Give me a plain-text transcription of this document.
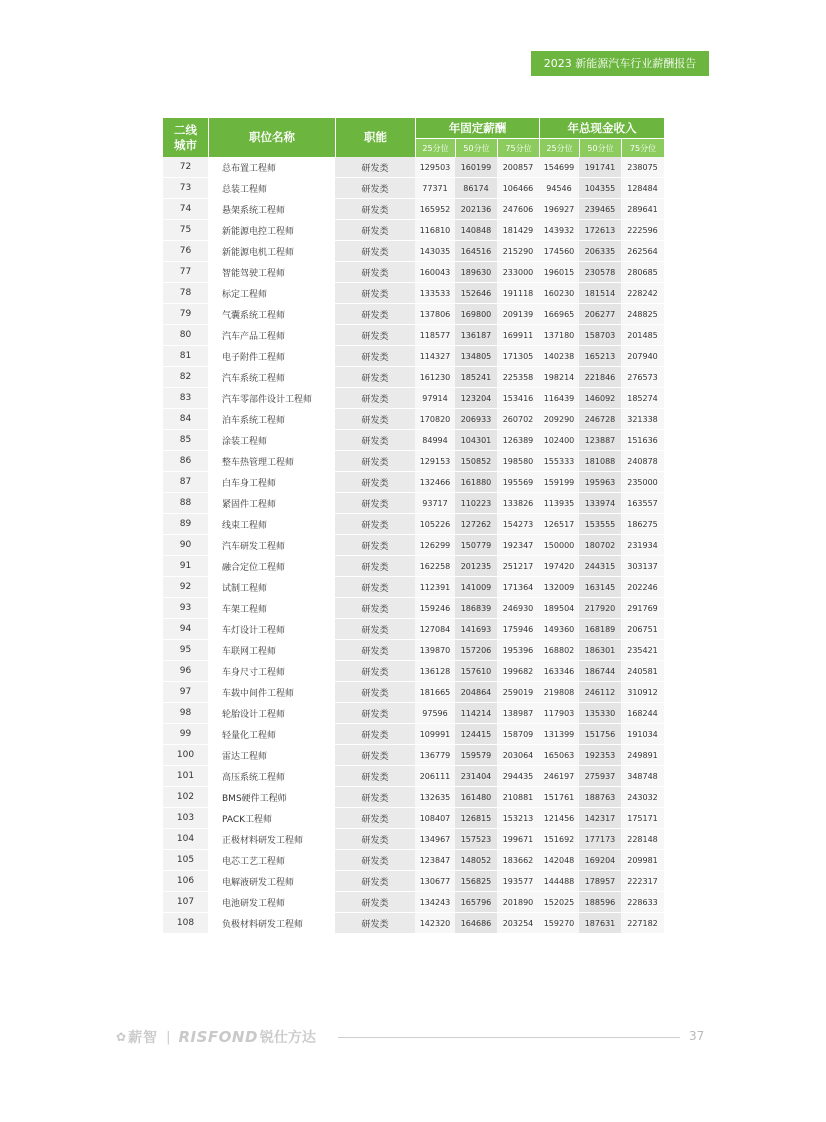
2023 新能源汽车行业薪酬报告
二线
城市	职位名称	职能	年固定薪酬			年总现金收入		
			25分位	50分位	75分位	25分位	50分位	75分位
72	总布置工程师	研发类	129503	160199	200857	154699	191741	238075
73	总装工程师	研发类	77371	86174	106466	94546	104355	128484
74	悬架系统工程师	研发类	165952	202136	247606	196927	239465	289641
75	新能源电控工程师	研发类	116810	140848	181429	143932	172613	222596
76	新能源电机工程师	研发类	143035	164516	215290	174560	206335	262564
77	智能驾驶工程师	研发类	160043	189630	233000	196015	230578	280685
78	标定工程师	研发类	133533	152646	191118	160230	181514	228242
79	气囊系统工程师	研发类	137806	169800	209139	166965	206277	248825
80	汽车产品工程师	研发类	118577	136187	169911	137180	158703	201485
81	电子附件工程师	研发类	114327	134805	171305	140238	165213	207940
82	汽车系统工程师	研发类	161230	185241	225358	198214	221846	276573
83	汽车零部件设计工程师	研发类	97914	123204	153416	116439	146092	185274
84	泊车系统工程师	研发类	170820	206933	260702	209290	246728	321338
85	涂装工程师	研发类	84994	104301	126389	102400	123887	151636
86	整车热管理工程师	研发类	129153	150852	198580	155333	181088	240878
87	白车身工程师	研发类	132466	161880	195569	159199	195963	235000
88	紧固件工程师	研发类	93717	110223	133826	113935	133974	163557
89	线束工程师	研发类	105226	127262	154273	126517	153555	186275
90	汽车研发工程师	研发类	126299	150779	192347	150000	180702	231934
91	融合定位工程师	研发类	162258	201235	251217	197420	244315	303137
92	试制工程师	研发类	112391	141009	171364	132009	163145	202246
93	车架工程师	研发类	159246	186839	246930	189504	217920	291769
94	车灯设计工程师	研发类	127084	141693	175946	149360	168189	206751
95	车联网工程师	研发类	139870	157206	195396	168802	186301	235421
96	车身尺寸工程师	研发类	136128	157610	199682	163346	186744	240581
97	车载中间件工程师	研发类	181665	204864	259019	219808	246112	310912
98	轮胎设计工程师	研发类	97596	114214	138987	117903	135330	168244
99	轻量化工程师	研发类	109991	124415	158709	131399	151756	191034
100	雷达工程师	研发类	136779	159579	203064	165063	192353	249891
101	高压系统工程师	研发类	206111	231404	294435	246197	275937	348748
102	BMS硬件工程师	研发类	132635	161480	210881	151761	188763	243032
103	PACK工程师	研发类	108407	126815	153213	121456	142317	175171
104	正极材料研发工程师	研发类	134967	157523	199671	151692	177173	228148
105	电芯工艺工程师	研发类	123847	148052	183662	142048	169204	209981
106	电解液研发工程师	研发类	130677	156825	193577	144488	178957	222317
107	电池研发工程师	研发类	134243	165796	201890	152025	188596	228633
108	负极材料研发工程师	研发类	142320	164686	203254	159270	187631	227182
✿ 薪智 | RISFOND 锐仕方达	37
